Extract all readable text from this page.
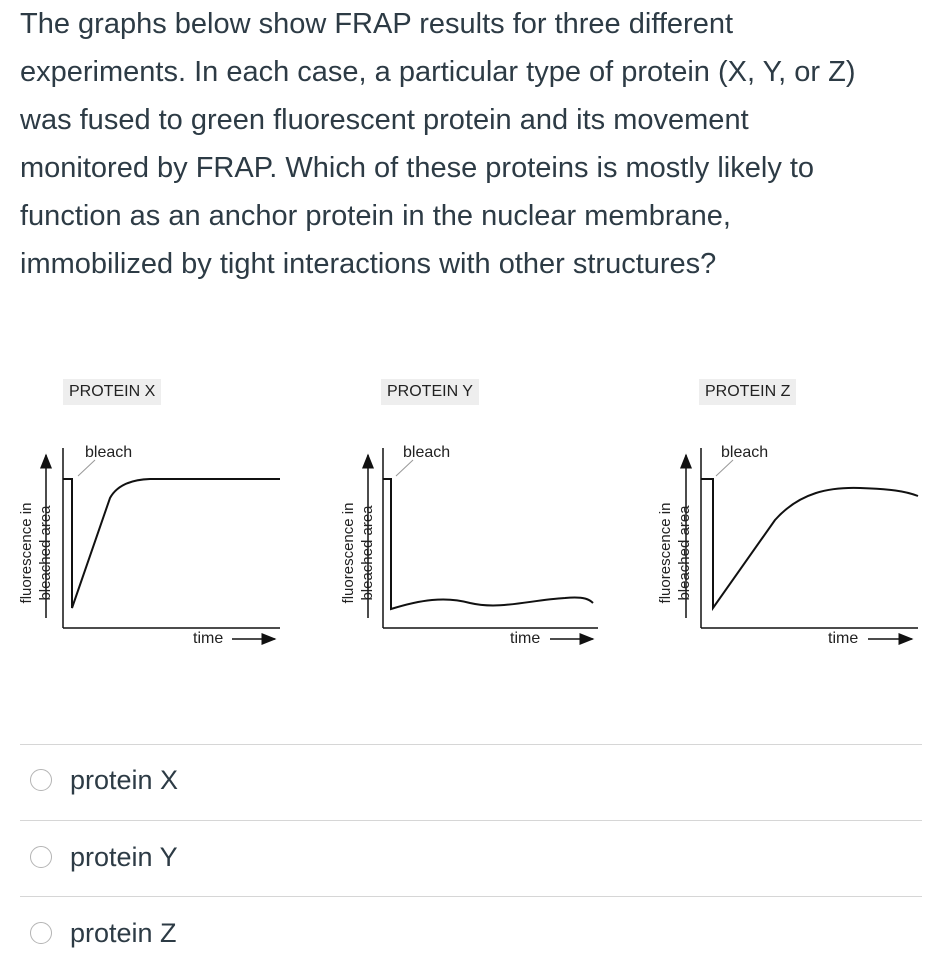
The graphs below show FRAP results for three different
experiments. In each case, a particular type of protein (X, Y, or Z)
was fused to green fluorescent protein and its movement
monitored by FRAP. Which of these proteins is mostly likely to
function as an anchor protein in the nuclear membrane,
immobilized by tight interactions with other structures?
PROTEIN X	PROTEIN Y	PROTEIN Z
bleach	bleach	bleach
time	time	time
fluorescence in bleached area	fluorescence in bleached area	fluorescence in bleached area
protein X
protein Y
protein Z
